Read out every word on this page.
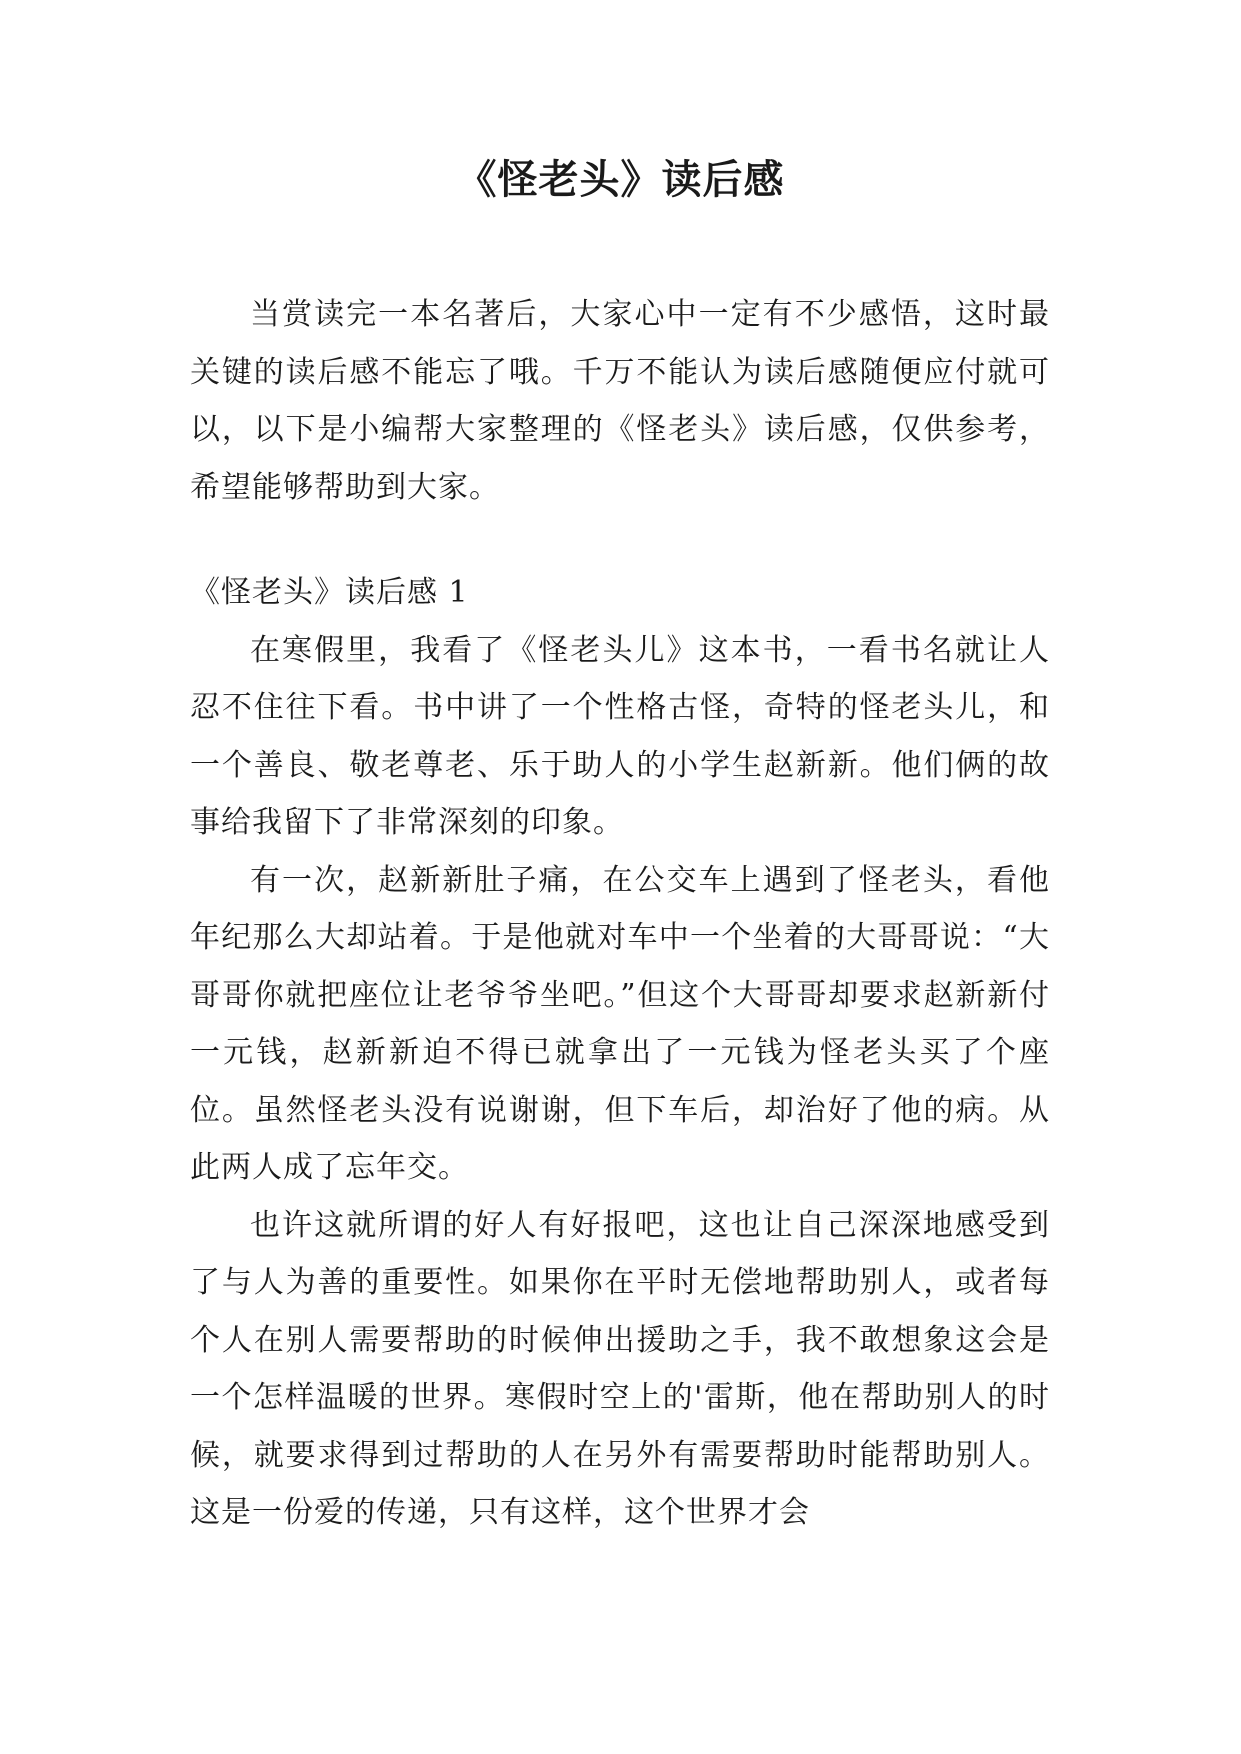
《怪老头》读后感

当赏读完一本名著后，大家心中一定有不少感悟，这时最关键的读后感不能忘了哦。千万不能认为读后感随便应付就可以，以下是小编帮大家整理的《怪老头》读后感，仅供参考，希望能够帮助到大家。

《怪老头》读后感 1

在寒假里，我看了《怪老头儿》这本书，一看书名就让人忍不住往下看。书中讲了一个性格古怪，奇特的怪老头儿，和一个善良、敬老尊老、乐于助人的小学生赵新新。他们俩的故事给我留下了非常深刻的印象。

有一次，赵新新肚子痛，在公交车上遇到了怪老头，看他年纪那么大却站着。于是他就对车中一个坐着的大哥哥说：“大哥哥你就把座位让老爷爷坐吧。”但这个大哥哥却要求赵新新付一元钱，赵新新迫不得已就拿出了一元钱为怪老头买了个座位。虽然怪老头没有说谢谢，但下车后，却治好了他的病。从此两人成了忘年交。

也许这就所谓的好人有好报吧，这也让自己深深地感受到了与人为善的重要性。如果你在平时无偿地帮助别人，或者每个人在别人需要帮助的时候伸出援助之手，我不敢想象这会是一个怎样温暖的世界。寒假时空上的'雷斯，他在帮助别人的时候，就要求得到过帮助的人在另外有需要帮助时能帮助别人。这是一份爱的传递，只有这样，这个世界才会
